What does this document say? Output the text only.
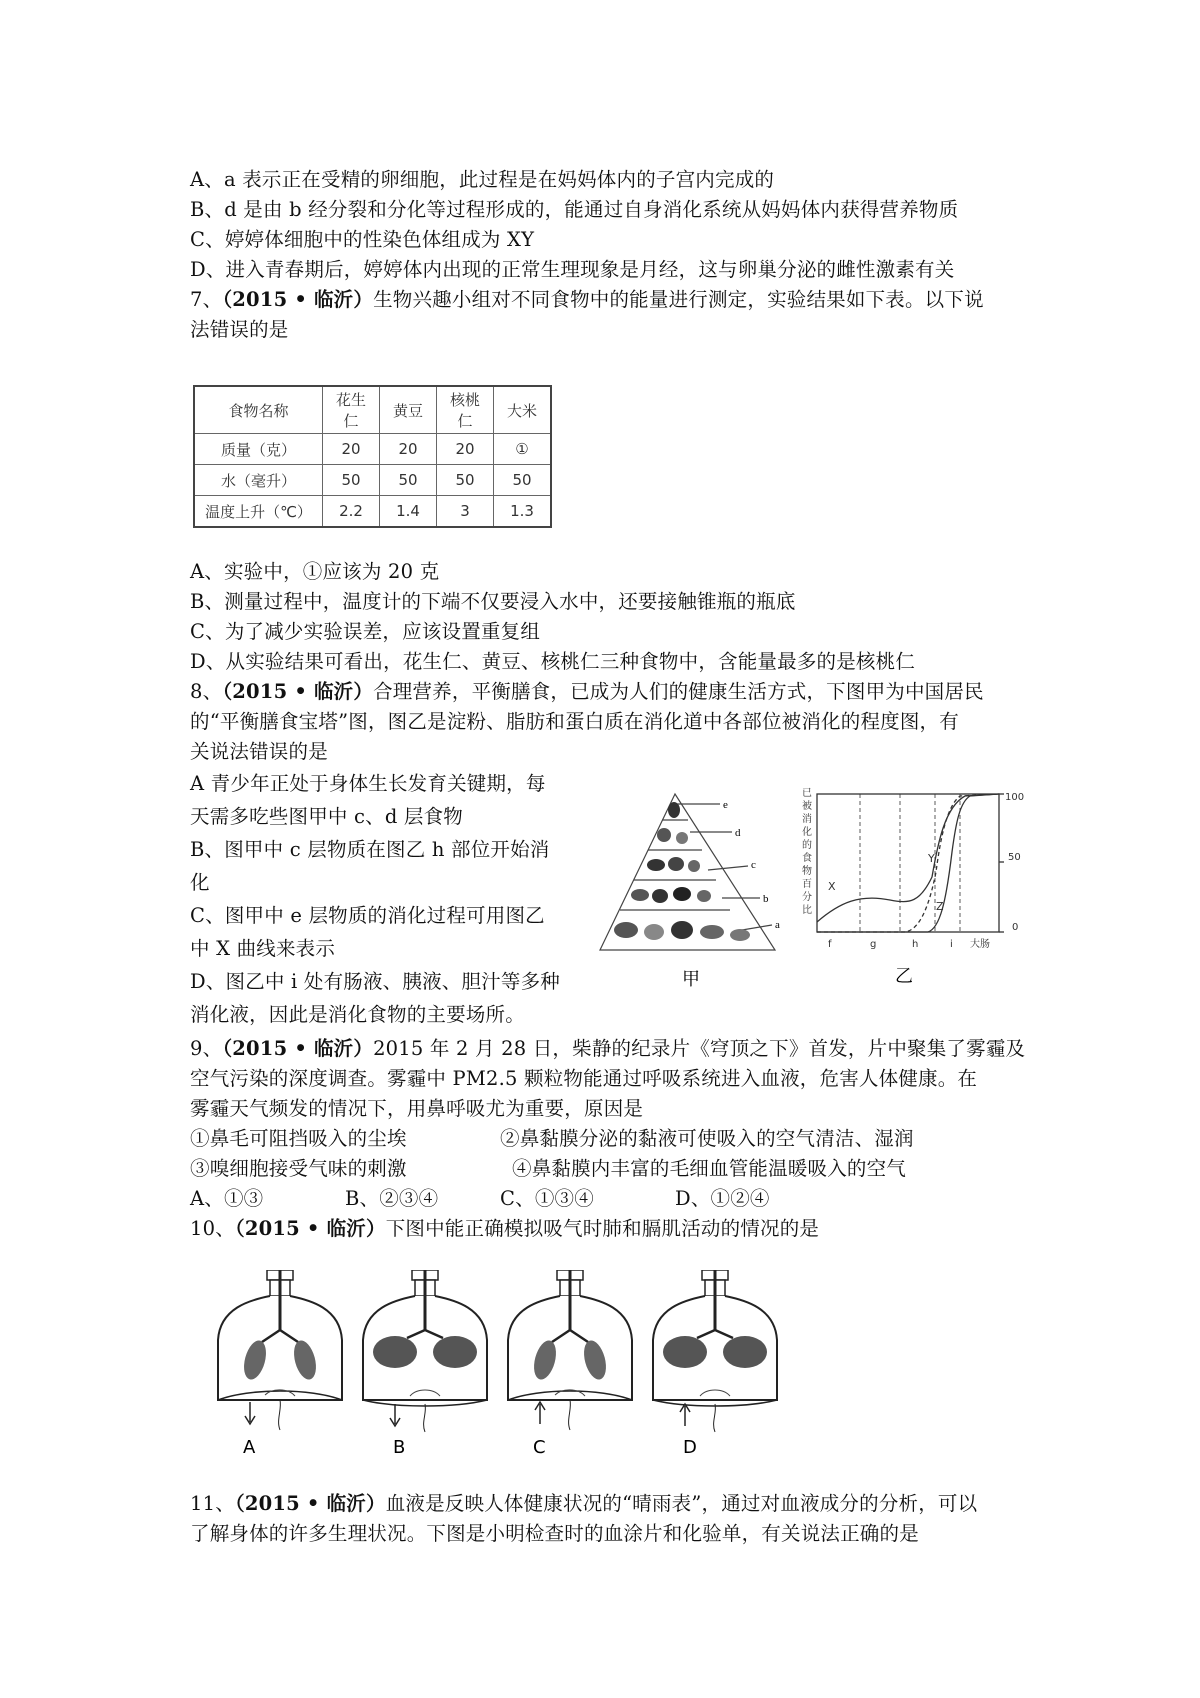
A、a 表示正在受精的卵细胞，此过程是在妈妈体内的子宫内完成的
B、d 是由 b 经分裂和分化等过程形成的，能通过自身消化系统从妈妈体内获得营养物质
C、婷婷体细胞中的性染色体组成为 XY
D、进入青春期后，婷婷体内出现的正常生理现象是月经，这与卵巢分泌的雌性激素有关
7、（2015 • 临沂）生物兴趣小组对不同食物中的能量进行测定，实验结果如下表。以下说
法错误的是
食物名称	花生仁	黄豆	核桃仁	大米
质量（克）	20	20	20	①
水（毫升）	50	50	50	50
温度上升（℃）	2.2	1.4	3	1.3
A、实验中，①应该为 20 克
B、测量过程中，温度计的下端不仅要浸入水中，还要接触锥瓶的瓶底
C、为了减少实验误差，应该设置重复组
D、从实验结果可看出，花生仁、黄豆、核桃仁三种食物中，含能量最多的是核桃仁
8、（2015 • 临沂）合理营养，平衡膳食，已成为人们的健康生活方式，下图甲为中国居民
的“平衡膳食宝塔”图，图乙是淀粉、脂肪和蛋白质在消化道中各部位被消化的程度图，有
关说法错误的是
A 青少年正处于身体生长发育关键期，每
天需多吃些图甲中 c、d 层食物
B、图甲中 c 层物质在图乙 h 部位开始消
化
C、图甲中 e 层物质的消化过程可用图乙
中 X 曲线来表示
D、图乙中 i 处有肠液、胰液、胆汁等多种
消化液，因此是消化食物的主要场所。
e
d
c
b
a
甲
已被消化的食物百分比
100
50
0
f	g	h	i 大肠
X
Y
Z
乙
9、（2015 • 临沂）2015 年 2 月 28 日，柴静的纪录片《穹顶之下》首发，片中聚集了雾霾及
空气污染的深度调查。雾霾中 PM2.5 颗粒物能通过呼吸系统进入血液，危害人体健康。在
雾霾天气频发的情况下，用鼻呼吸尤为重要，原因是
①鼻毛可阻挡吸入的尘埃	②鼻黏膜分泌的黏液可使吸入的空气清洁、湿润
③嗅细胞接受气味的刺激	④鼻黏膜内丰富的毛细血管能温暖吸入的空气
A、①③	B、②③④	C、①③④	D、①②④
10、（2015 • 临沂）下图中能正确模拟吸气时肺和膈肌活动的情况的是
A	B	C	D
11、（2015 • 临沂）血液是反映人体健康状况的“晴雨表”，通过对血液成分的分析，可以
了解身体的许多生理状况。下图是小明检查时的血涂片和化验单，有关说法正确的是
